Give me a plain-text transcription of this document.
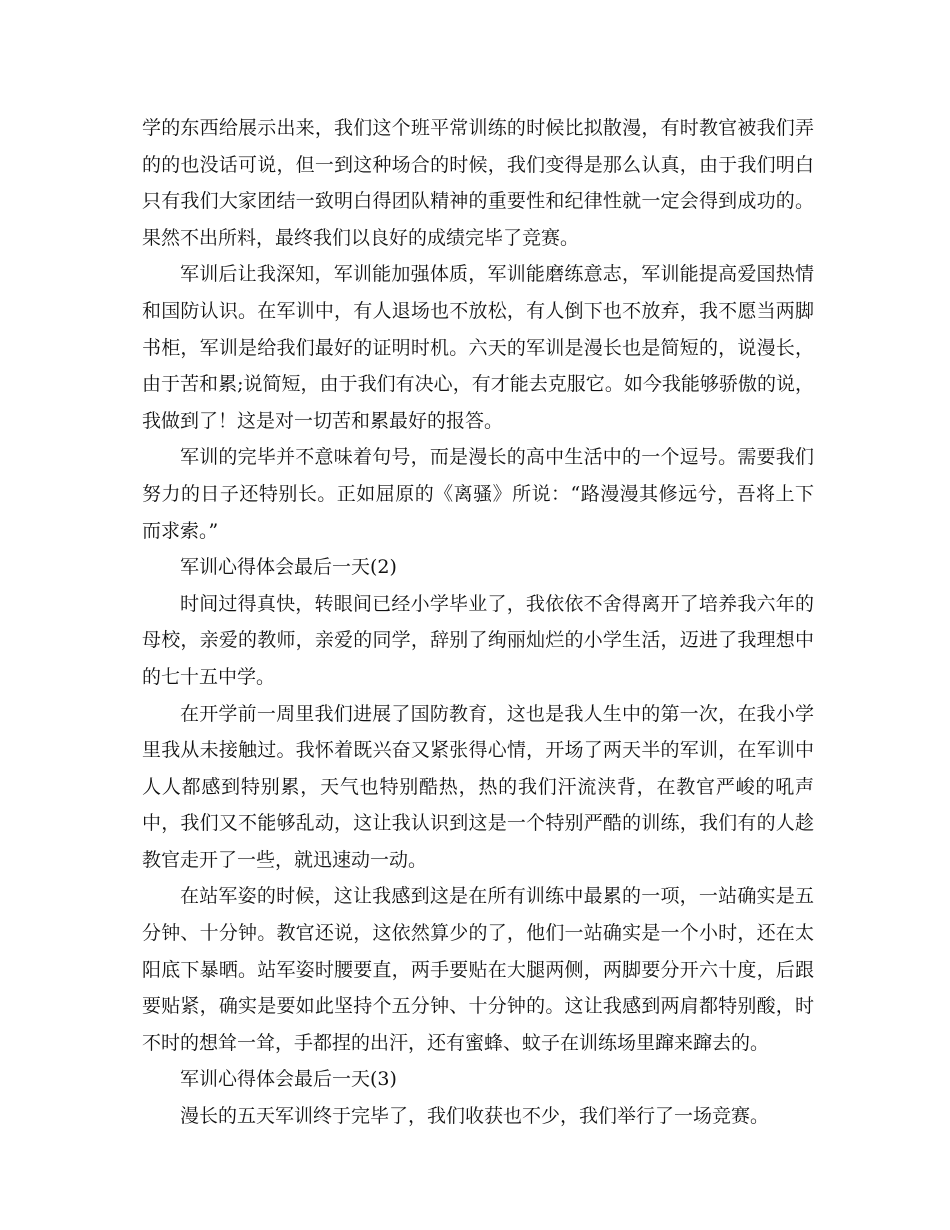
学的东西给展示出来，我们这个班平常训练的时候比拟散漫，有时教官被我们弄的的也没话可说，但一到这种场合的时候，我们变得是那么认真，由于我们明白只有我们大家团结一致明白得团队精神的重要性和纪律性就一定会得到成功的。果然不出所料，最终我们以良好的成绩完毕了竞赛。

军训后让我深知，军训能加强体质，军训能磨练意志，军训能提高爱国热情和国防认识。在军训中，有人退场也不放松，有人倒下也不放弃，我不愿当两脚书柜，军训是给我们最好的证明时机。六天的军训是漫长也是简短的，说漫长，由于苦和累;说简短，由于我们有决心，有才能去克服它。如今我能够骄傲的说，我做到了！这是对一切苦和累最好的报答。

军训的完毕并不意味着句号，而是漫长的高中生活中的一个逗号。需要我们努力的日子还特别长。正如屈原的《离骚》所说：“路漫漫其修远兮，吾将上下而求索。”

军训心得体会最后一天(2)

时间过得真快，转眼间已经小学毕业了，我依依不舍得离开了培养我六年的母校，亲爱的教师，亲爱的同学，辞别了绚丽灿烂的小学生活，迈进了我理想中的七十五中学。

在开学前一周里我们进展了国防教育，这也是我人生中的第一次，在我小学里我从未接触过。我怀着既兴奋又紧张得心情，开场了两天半的军训，在军训中人人都感到特别累，天气也特别酷热，热的我们汗流浃背，在教官严峻的吼声中，我们又不能够乱动，这让我认识到这是一个特别严酷的训练，我们有的人趁教官走开了一些，就迅速动一动。

在站军姿的时候，这让我感到这是在所有训练中最累的一项，一站确实是五分钟、十分钟。教官还说，这依然算少的了，他们一站确实是一个小时，还在太阳底下暴晒。站军姿时腰要直，两手要贴在大腿两侧，两脚要分开六十度，后跟要贴紧，确实是要如此坚持个五分钟、十分钟的。这让我感到两肩都特别酸，时不时的想耸一耸，手都捏的出汗，还有蜜蜂、蚊子在训练场里蹿来蹿去的。

军训心得体会最后一天(3)

漫长的五天军训终于完毕了，我们收获也不少，我们举行了一场竞赛。
